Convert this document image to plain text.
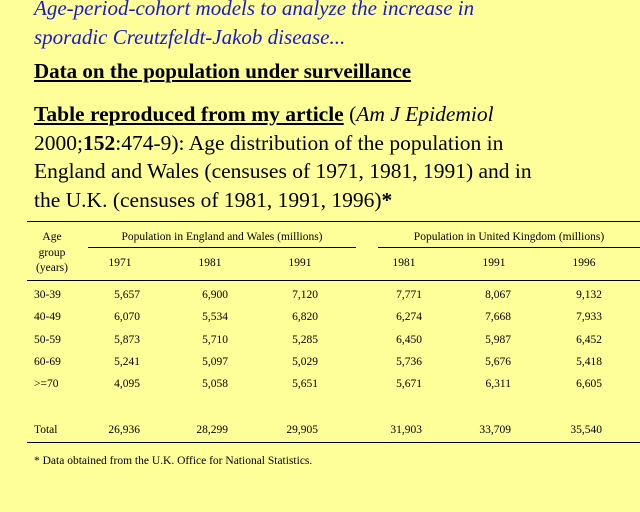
Age-period-cohort models to analyze the increase in
sporadic Creutzfeldt-Jakob disease...
Data on the population under surveillance
Table reproduced from my article (Am J Epidemiol
2000;152:474-9): Age distribution of the population in
England and Wales (censuses of 1971, 1981, 1991) and in
the U.K. (censuses of 1981, 1991, 1996)*
Age
group
(years)
Population in England and Wales (millions)	Population in United Kingdom (millions)
1971	1981	1991	1981	1991	1996
30-39	5,657	6,900	7,120	7,771	8,067	9,132
40-49	6,070	5,534	6,820	6,274	7,668	7,933
50-59	5,873	5,710	5,285	6,450	5,987	6,452
60-69	5,241	5,097	5,029	5,736	5,676	5,418
>=70	4,095	5,058	5,651	5,671	6,311	6,605
Total	26,936	28,299	29,905	31,903	33,709	35,540
* Data obtained from the U.K. Office for National Statistics.
